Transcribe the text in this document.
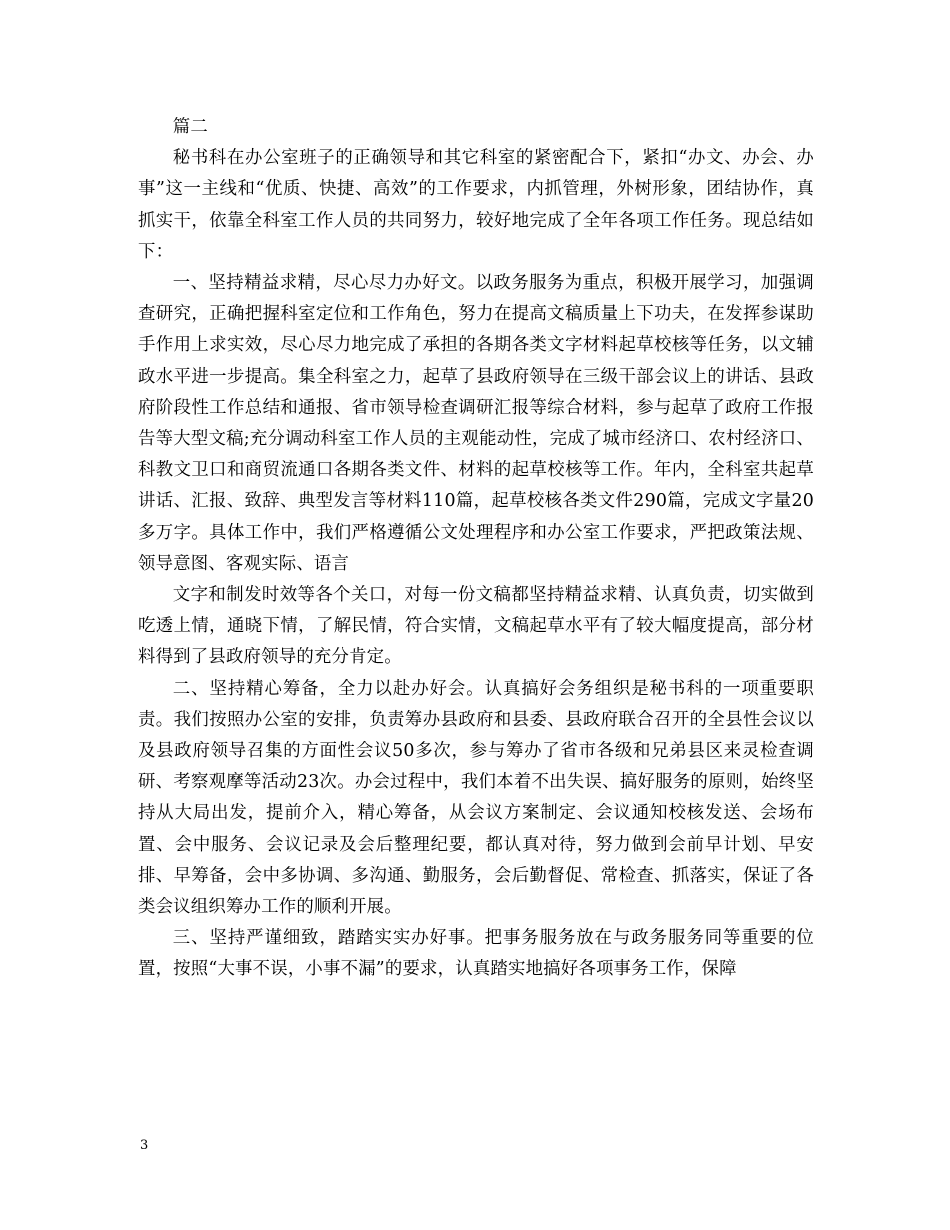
篇二

秘书科在办公室班子的正确领导和其它科室的紧密配合下，紧扣“办文、办会、办事”这一主线和“优质、快捷、高效”的工作要求，内抓管理，外树形象，团结协作，真抓实干，依靠全科室工作人员的共同努力，较好地完成了全年各项工作任务。现总结如下：

一、坚持精益求精，尽心尽力办好文。以政务服务为重点，积极开展学习，加强调查研究，正确把握科室定位和工作角色，努力在提高文稿质量上下功夫，在发挥参谋助手作用上求实效，尽心尽力地完成了承担的各期各类文字材料起草校核等任务，以文辅政水平进一步提高。集全科室之力，起草了县政府领导在三级干部会议上的讲话、县政府阶段性工作总结和通报、省市领导检查调研汇报等综合材料，参与起草了政府工作报告等大型文稿;充分调动科室工作人员的主观能动性，完成了城市经济口、农村经济口、科教文卫口和商贸流通口各期各类文件、材料的起草校核等工作。年内，全科室共起草讲话、汇报、致辞、典型发言等材料110篇，起草校核各类文件290篇，完成文字量20多万字。具体工作中，我们严格遵循公文处理程序和办公室工作要求，严把政策法规、领导意图、客观实际、语言

文字和制发时效等各个关口，对每一份文稿都坚持精益求精、认真负责，切实做到吃透上情，通晓下情，了解民情，符合实情，文稿起草水平有了较大幅度提高，部分材料得到了县政府领导的充分肯定。

二、坚持精心筹备，全力以赴办好会。认真搞好会务组织是秘书科的一项重要职责。我们按照办公室的安排，负责筹办县政府和县委、县政府联合召开的全县性会议以及县政府领导召集的方面性会议50多次，参与筹办了省市各级和兄弟县区来灵检查调研、考察观摩等活动23次。办会过程中，我们本着不出失误、搞好服务的原则，始终坚持从大局出发，提前介入，精心筹备，从会议方案制定、会议通知校核发送、会场布置、会中服务、会议记录及会后整理纪要，都认真对待，努力做到会前早计划、早安排、早筹备，会中多协调、多沟通、勤服务，会后勤督促、常检查、抓落实，保证了各类会议组织筹办工作的顺利开展。

三、坚持严谨细致，踏踏实实办好事。把事务服务放在与政务服务同等重要的位置，按照“大事不误，小事不漏”的要求，认真踏实地搞好各项事务工作，保障

3
